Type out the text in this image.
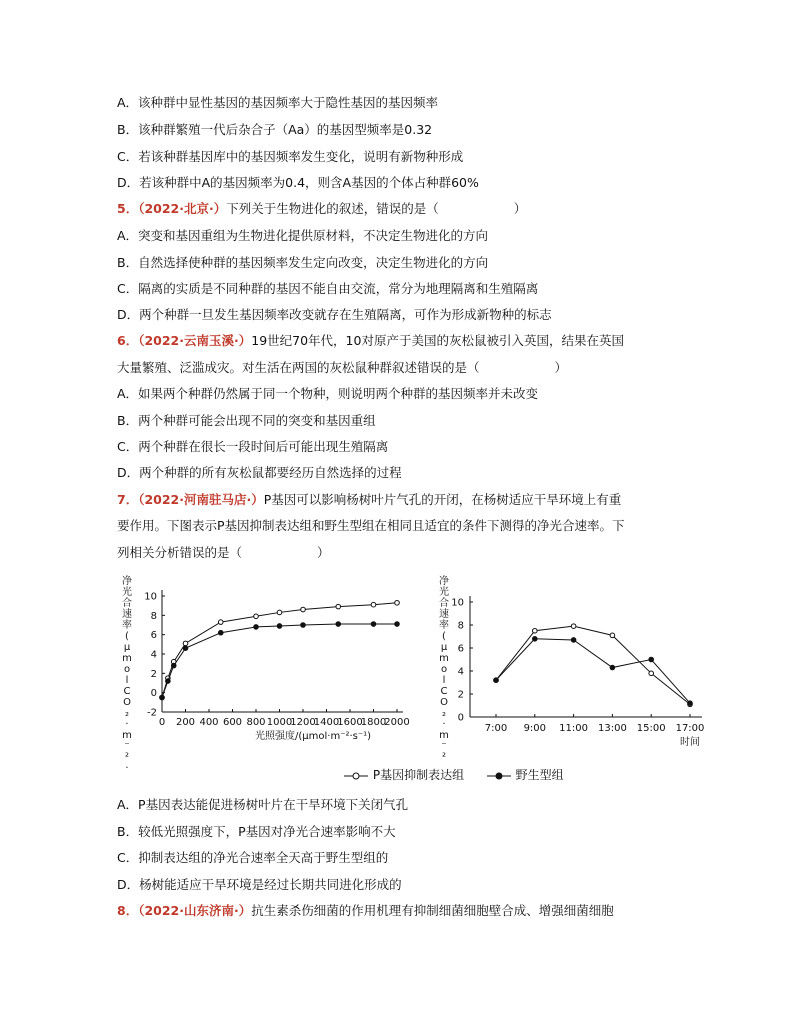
A．该种群中显性基因的基因频率大于隐性基因的基因频率
B．该种群繁殖一代后杂合子（Aa）的基因型频率是0.32
C．若该种群基因库中的基因频率发生变化，说明有新物种形成
D．若该种群中A的基因频率为0.4，则含A基因的个体占种群60%
5．（2022·北京·）下列关于生物进化的叙述，错误的是（　　　　　　）
A．突变和基因重组为生物进化提供原材料，不决定生物进化的方向
B．自然选择使种群的基因频率发生定向改变，决定生物进化的方向
C．隔离的实质是不同种群的基因不能自由交流，常分为地理隔离和生殖隔离
D．两个种群一旦发生基因频率改变就存在生殖隔离，可作为形成新物种的标志
6．（2022·云南玉溪·）19世纪70年代，10对原产于美国的灰松鼠被引入英国，结果在英国
大量繁殖、泛滥成灾。对生活在两国的灰松鼠种群叙述错误的是（　　　　　　）
A．如果两个种群仍然属于同一个物种，则说明两个种群的基因频率并未改变
B．两个种群可能会出现不同的突变和基因重组
C．两个种群在很长一段时间后可能出现生殖隔离
D．两个种群的所有灰松鼠都要经历自然选择的过程
7．（2022·河南驻马店·）P基因可以影响杨树叶片气孔的开闭，在杨树适应干旱环境上有重
要作用。下图表示P基因抑制表达组和野生型组在相同且适宜的条件下测得的净光合速率。下
列相关分析错误的是（　　　　　　）
-2
0
2
4
6
8
10
0 200 400 600 800 1000
1200
1400
1600
1800
2000
净
光
合
速
率
(
μ
m
o
l
C
O
₂
·
m
⁻
²
·
光照强度/(μmol·m⁻²·s⁻¹)
0
2
4
6
8
10
7:00 9:00 11:00 13:00 15:00 17:00
净
光
合
速
率
(
μ
m
o
l
C
O
₂
·
m
⁻
²
时间
P基因抑制表达组	野生型组
A．P基因表达能促进杨树叶片在干旱环境下关闭气孔
B．较低光照强度下，P基因对净光合速率影响不大
C．抑制表达组的净光合速率全天高于野生型组的
D．杨树能适应干旱环境是经过长期共同进化形成的
8．（2022·山东济南·）抗生素杀伤细菌的作用机理有抑制细菌细胞壁合成、增强细菌细胞
